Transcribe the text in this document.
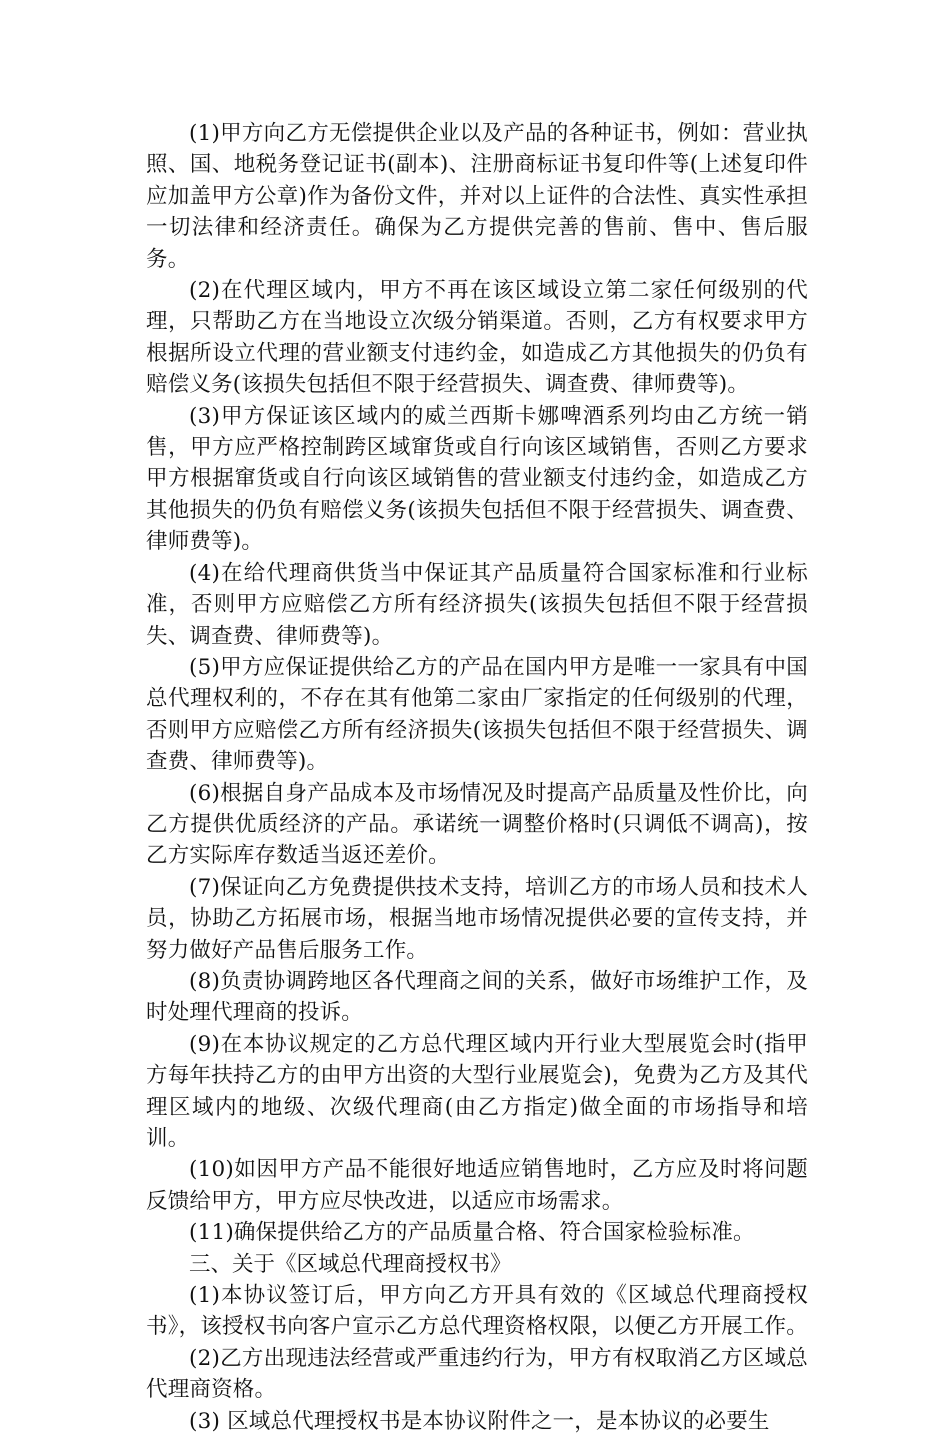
(1)甲方向乙方无偿提供企业以及产品的各种证书，例如：营业执照、国、地税务登记证书(副本)、注册商标证书复印件等(上述复印件应加盖甲方公章)作为备份文件，并对以上证件的合法性、真实性承担一切法律和经济责任。确保为乙方提供完善的售前、售中、售后服务。

(2)在代理区域内，甲方不再在该区域设立第二家任何级别的代理，只帮助乙方在当地设立次级分销渠道。否则，乙方有权要求甲方根据所设立代理的营业额支付违约金，如造成乙方其他损失的仍负有赔偿义务(该损失包括但不限于经营损失、调查费、律师费等)。

(3)甲方保证该区域内的威兰西斯卡娜啤酒系列均由乙方统一销售，甲方应严格控制跨区域窜货或自行向该区域销售，否则乙方要求甲方根据窜货或自行向该区域销售的营业额支付违约金，如造成乙方其他损失的仍负有赔偿义务(该损失包括但不限于经营损失、调查费、律师费等)。

(4)在给代理商供货当中保证其产品质量符合国家标准和行业标准，否则甲方应赔偿乙方所有经济损失(该损失包括但不限于经营损失、调查费、律师费等)。

(5)甲方应保证提供给乙方的产品在国内甲方是唯一一家具有中国总代理权利的，不存在其有他第二家由厂家指定的任何级别的代理，否则甲方应赔偿乙方所有经济损失(该损失包括但不限于经营损失、调查费、律师费等)。

(6)根据自身产品成本及市场情况及时提高产品质量及性价比，向乙方提供优质经济的产品。承诺统一调整价格时(只调低不调高)，按乙方实际库存数适当返还差价。

(7)保证向乙方免费提供技术支持，培训乙方的市场人员和技术人员，协助乙方拓展市场，根据当地市场情况提供必要的宣传支持，并努力做好产品售后服务工作。

(8)负责协调跨地区各代理商之间的关系，做好市场维护工作，及时处理代理商的投诉。

(9)在本协议规定的乙方总代理区域内开行业大型展览会时(指甲方每年扶持乙方的由甲方出资的大型行业展览会)，免费为乙方及其代理区域内的地级、次级代理商(由乙方指定)做全面的市场指导和培训。

(10)如因甲方产品不能很好地适应销售地时，乙方应及时将问题反馈给甲方，甲方应尽快改进，以适应市场需求。

(11)确保提供给乙方的产品质量合格、符合国家检验标准。

三、关于《区域总代理商授权书》

(1)本协议签订后，甲方向乙方开具有效的《区域总代理商授权书》，该授权书向客户宣示乙方总代理资格权限，以便乙方开展工作。

(2)乙方出现违法经营或严重违约行为，甲方有权取消乙方区域总代理商资格。

(3) 区域总代理授权书是本协议附件之一，是本协议的必要生
